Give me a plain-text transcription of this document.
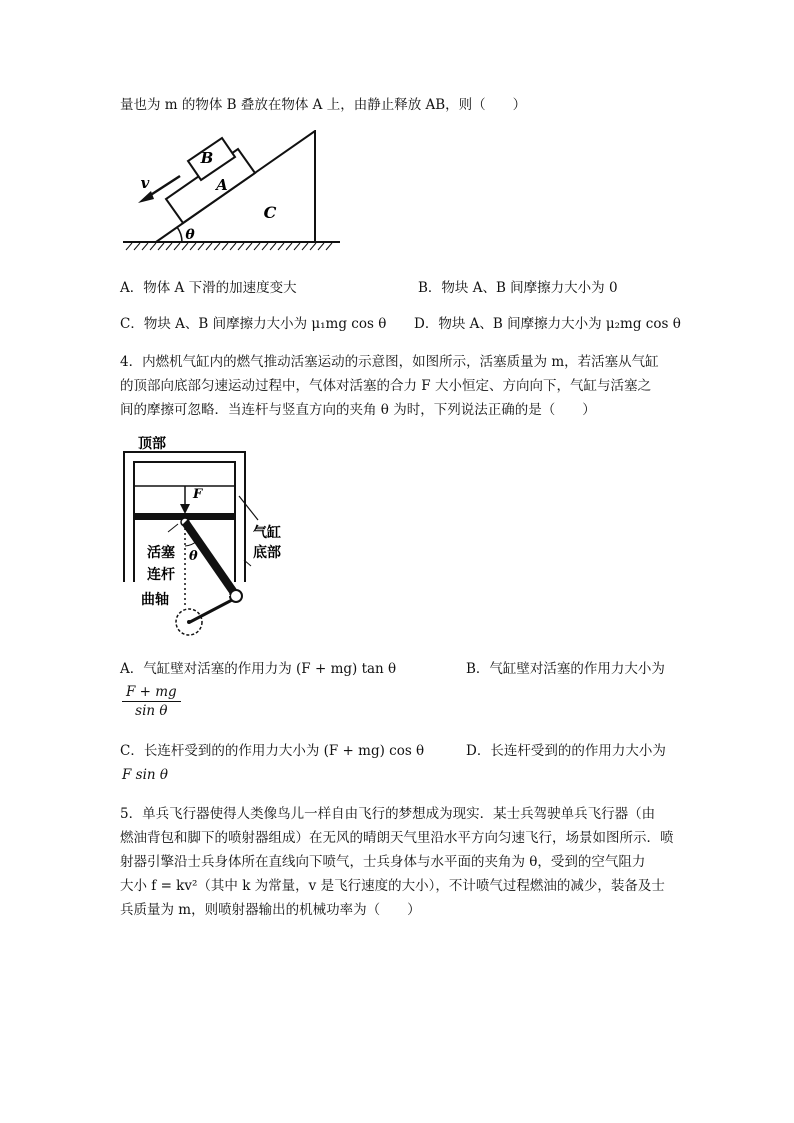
量也为 m 的物体 B 叠放在物体 A 上，由静止释放 AB，则（　　）
B
A
C
v
θ
A．物体 A 下滑的加速度变大	B．物块 A、B 间摩擦力大小为 0
C．物块 A、B 间摩擦力大小为 μ₁mg cos θ D．物块 A、B 间摩擦力大小为 μ₂mg cos θ
4．内燃机气缸内的燃气推动活塞运动的示意图，如图所示，活塞质量为 m，若活塞从气缸
的顶部向底部匀速运动过程中，气体对活塞的合力 F 大小恒定、方向向下，气缸与活塞之
间的摩擦可忽略．当连杆与竖直方向的夹角 θ 为时，下列说法正确的是（　　）
顶部
F
气缸
底部
活塞
连杆
曲轴
θ
A．气缸壁对活塞的作用力为 (F + mg) tan θ	B．气缸壁对活塞的作用力大小为
$\frac{F + mg}{\text{sin θ}}$
C．长连杆受到的的作用力大小为 (F + mg) cos θ	D．长连杆受到的的作用力大小为
F sin θ
5．单兵飞行器使得人类像鸟儿一样自由飞行的梦想成为现实．某士兵驾驶单兵飞行器（由
燃油背包和脚下的喷射器组成）在无风的晴朗天气里沿水平方向匀速飞行，场景如图所示．喷
射器引擎沿士兵身体所在直线向下喷气，士兵身体与水平面的夹角为 θ，受到的空气阻力
大小 f = kv²（其中 k 为常量，v 是飞行速度的大小），不计喷气过程燃油的减少，装备及士
兵质量为 m，则喷射器输出的机械功率为（　　）
